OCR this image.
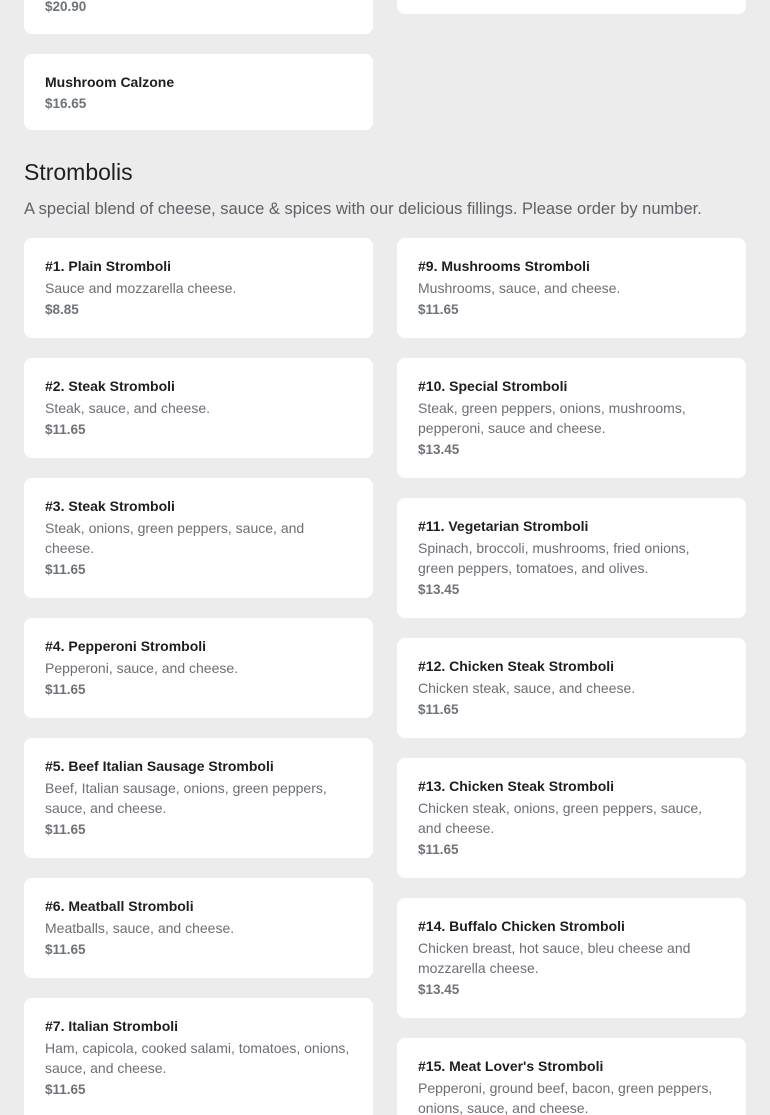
$20.90
Mushroom Calzone
$16.65
Strombolis

A special blend of cheese, sauce & spices with our delicious fillings. Please order by number.

#1. Plain Stromboli
Sauce and mozzarella cheese.
$8.85
#2. Steak Stromboli
Steak, sauce, and cheese.
$11.65
#3. Steak Stromboli
Steak, onions, green peppers, sauce, and cheese.
$11.65
#4. Pepperoni Stromboli
Pepperoni, sauce, and cheese.
$11.65
#5. Beef Italian Sausage Stromboli
Beef, Italian sausage, onions, green peppers, sauce, and cheese.
$11.65
#6. Meatball Stromboli
Meatballs, sauce, and cheese.
$11.65
#7. Italian Stromboli
Ham, capicola, cooked salami, tomatoes, onions, sauce, and cheese.
$11.65
#9. Mushrooms Stromboli
Mushrooms, sauce, and cheese.
$11.65
#10. Special Stromboli
Steak, green peppers, onions, mushrooms, pepperoni, sauce and cheese.
$13.45
#11. Vegetarian Stromboli
Spinach, broccoli, mushrooms, fried onions, green peppers, tomatoes, and olives.
$13.45
#12. Chicken Steak Stromboli
Chicken steak, sauce, and cheese.
$11.65
#13. Chicken Steak Stromboli
Chicken steak, onions, green peppers, sauce, and cheese.
$11.65
#14. Buffalo Chicken Stromboli
Chicken breast, hot sauce, bleu cheese and mozzarella cheese.
$13.45
#15. Meat Lover's Stromboli
Pepperoni, ground beef, bacon, green peppers, onions, sauce, and cheese.
